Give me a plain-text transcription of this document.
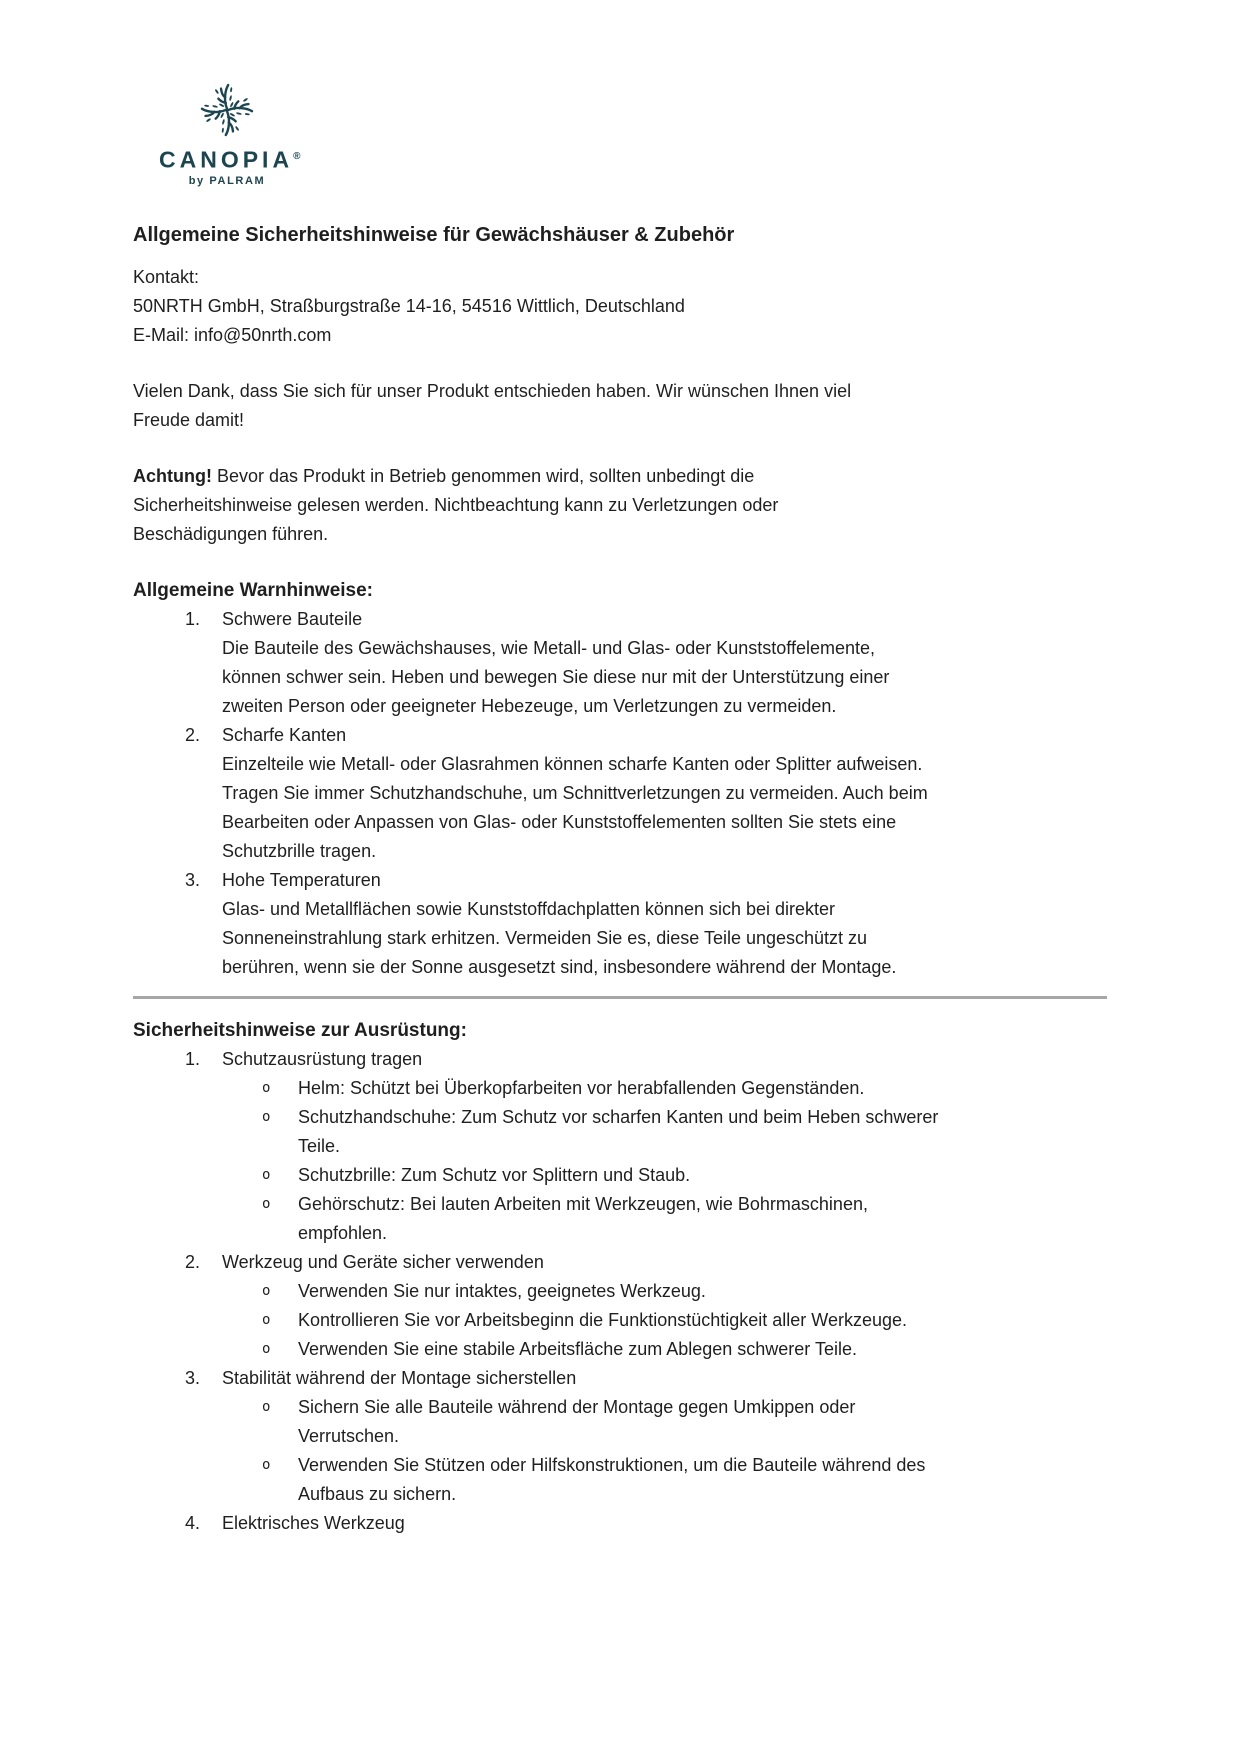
CANOPIA®
by PALRAM
Allgemeine Sicherheitshinweise für Gewächshäuser & Zubehör
Kontakt:
50NRTH GmbH, Straßburgstraße 14-16, 54516 Wittlich, Deutschland
E-Mail: info@50nrth.com
Vielen Dank, dass Sie sich für unser Produkt entschieden haben. Wir wünschen Ihnen viel
Freude damit!
Achtung! Bevor das Produkt in Betrieb genommen wird, sollten unbedingt die
Sicherheitshinweise gelesen werden. Nichtbeachtung kann zu Verletzungen oder
Beschädigungen führen.
Allgemeine Warnhinweise:
1.	Schwere Bauteile
Die Bauteile des Gewächshauses, wie Metall- und Glas- oder Kunststoffelemente,
können schwer sein. Heben und bewegen Sie diese nur mit der Unterstützung einer
zweiten Person oder geeigneter Hebezeuge, um Verletzungen zu vermeiden.
2.	Scharfe Kanten
Einzelteile wie Metall- oder Glasrahmen können scharfe Kanten oder Splitter aufweisen.
Tragen Sie immer Schutzhandschuhe, um Schnittverletzungen zu vermeiden. Auch beim
Bearbeiten oder Anpassen von Glas- oder Kunststoffelementen sollten Sie stets eine
Schutzbrille tragen.
3.	Hohe Temperaturen
Glas- und Metallflächen sowie Kunststoffdachplatten können sich bei direkter
Sonneneinstrahlung stark erhitzen. Vermeiden Sie es, diese Teile ungeschützt zu
berühren, wenn sie der Sonne ausgesetzt sind, insbesondere während der Montage.
Sicherheitshinweise zur Ausrüstung:
1.	Schutzausrüstung tragen
o	Helm: Schützt bei Überkopfarbeiten vor herabfallenden Gegenständen.
o	Schutzhandschuhe: Zum Schutz vor scharfen Kanten und beim Heben schwerer
Teile.
o	Schutzbrille: Zum Schutz vor Splittern und Staub.
o	Gehörschutz: Bei lauten Arbeiten mit Werkzeugen, wie Bohrmaschinen,
empfohlen.
2.	Werkzeug und Geräte sicher verwenden
o	Verwenden Sie nur intaktes, geeignetes Werkzeug.
o	Kontrollieren Sie vor Arbeitsbeginn die Funktionstüchtigkeit aller Werkzeuge.
o	Verwenden Sie eine stabile Arbeitsfläche zum Ablegen schwerer Teile.
3.	Stabilität während der Montage sicherstellen
o	Sichern Sie alle Bauteile während der Montage gegen Umkippen oder
Verrutschen.
o	Verwenden Sie Stützen oder Hilfskonstruktionen, um die Bauteile während des
Aufbaus zu sichern.
4.	Elektrisches Werkzeug
